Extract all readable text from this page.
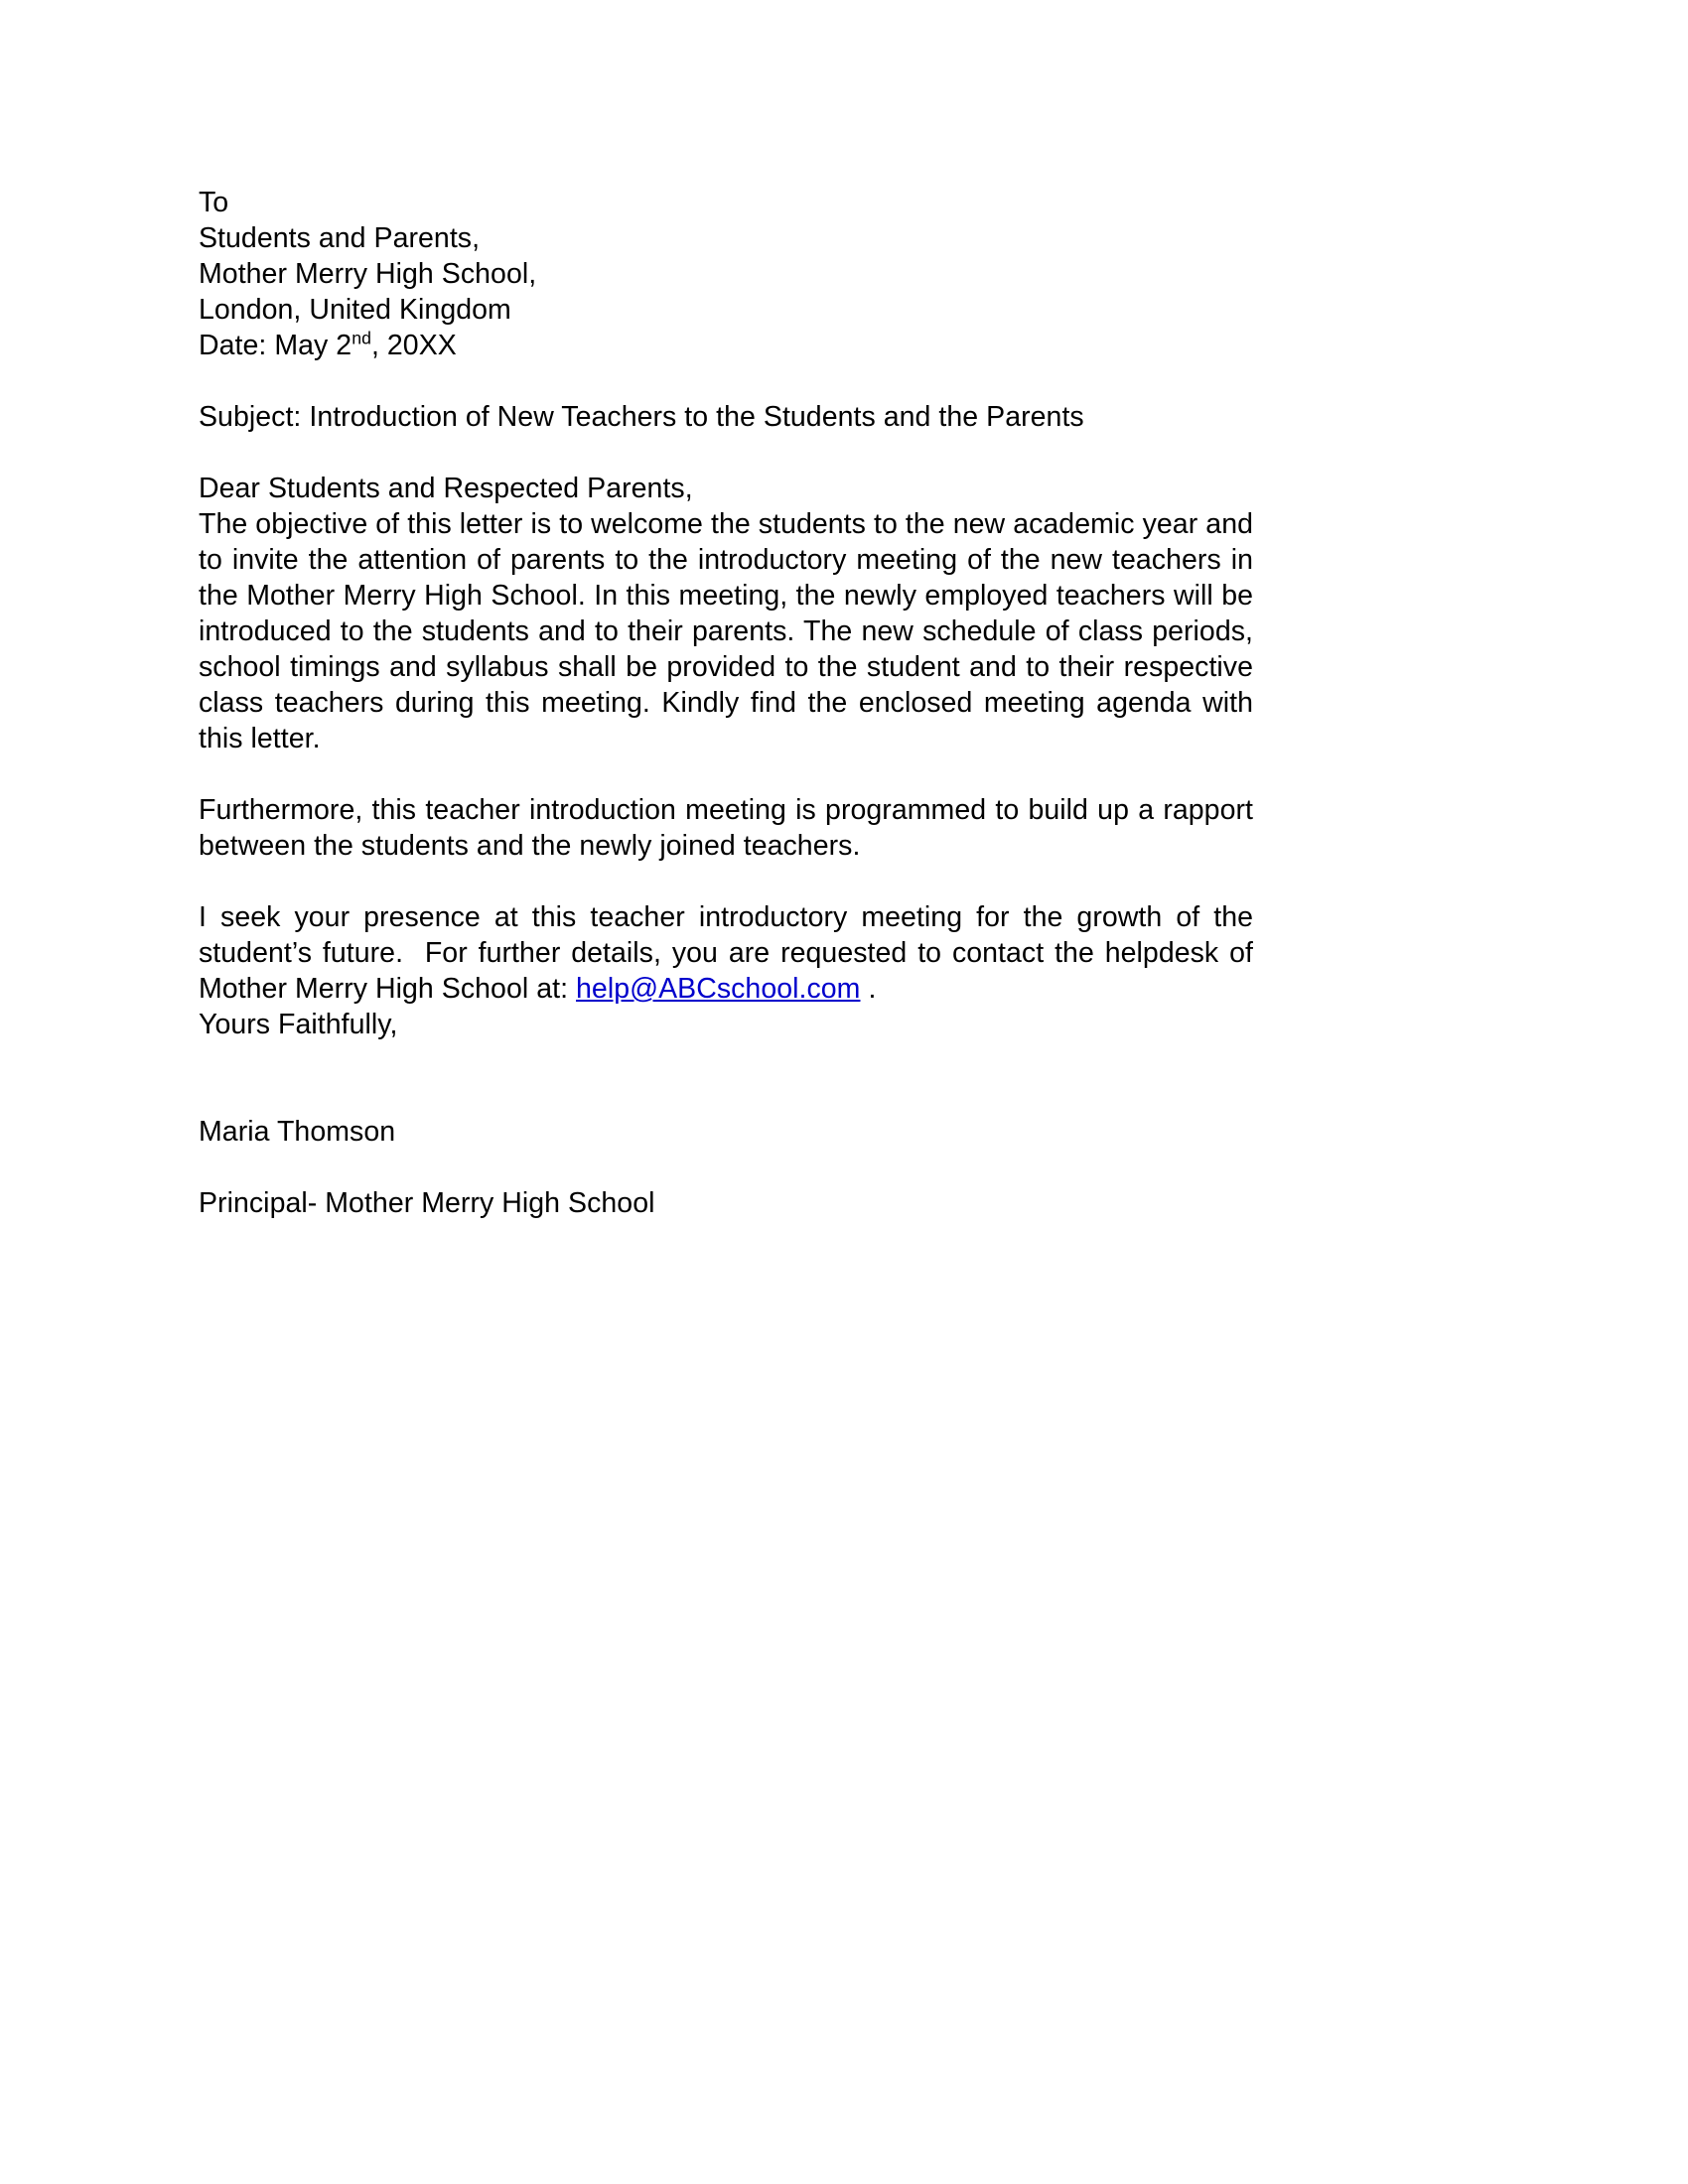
To
Students and Parents,
Mother Merry High School,
London, United Kingdom
Date: May 2nd, 20XX
Subject: Introduction of New Teachers to the Students and the Parents
Dear Students and Respected Parents,

The objective of this letter is to welcome the students to the new academic year and to invite the attention of parents to the introductory meeting of the new teachers in the Mother Merry High School. In this meeting, the newly employed teachers will be introduced to the students and to their parents. The new schedule of class periods, school timings and syllabus shall be provided to the student and to their respective class teachers during this meeting. Kindly find the enclosed meeting agenda with this letter.

Furthermore, this teacher introduction meeting is programmed to build up a rapport between the students and the newly joined teachers.

I seek your presence at this teacher introductory meeting for the growth of the student’s future.  For further details, you are requested to contact the helpdesk of Mother Merry High School at: help@ABCschool.com .

Yours Faithfully,
Maria Thomson
Principal- Mother Merry High School
